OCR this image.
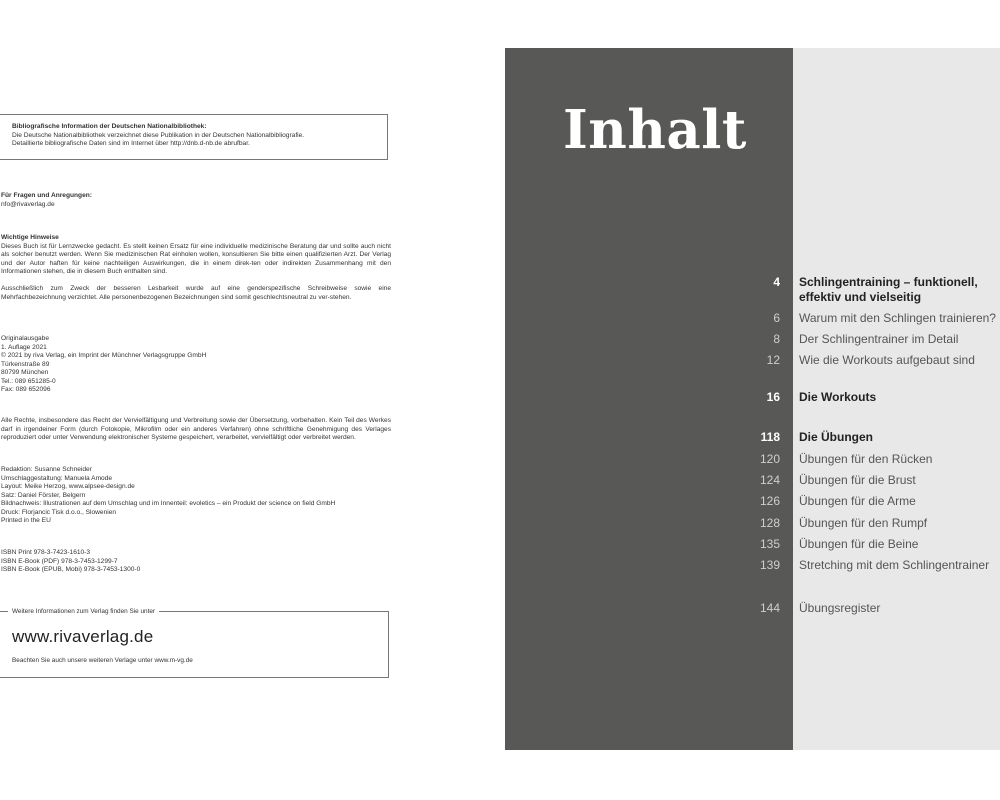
Bibliografische Information der Deutschen Nationalbibliothek:

Die Deutsche Nationalbibliothek verzeichnet diese Publikation in der Deutschen Nationalbibliografie.

Detaillierte bibliografische Daten sind im Internet über http://dnb.d-nb.de abrufbar.

Für Fragen und Anregungen:

nfo@rivaverlag.de

Wichtige Hinweise

Dieses Buch ist für Lernzwecke gedacht. Es stellt keinen Ersatz für eine individuelle medizinische Beratung dar und sollte auch nicht als solcher benutzt werden. Wenn Sie medizinischen Rat einholen wollen, konsultieren Sie bitte einen qualifizierten Arzt. Der Verlag und der Autor haften für keine nachteiligen Auswirkungen, die in einem direk-ten oder indirekten Zusammenhang mit den Informationen stehen, die in diesem Buch enthalten sind.

Ausschließlich zum Zweck der besseren Lesbarkeit wurde auf eine genderspezifische Schreibweise sowie eine Mehrfachbezeichnung verzichtet. Alle personenbezogenen Bezeichnungen sind somit geschlechtsneutral zu ver-stehen.

Originalausgabe

1. Auflage 2021

© 2021 by riva Verlag, ein Imprint der Münchner Verlagsgruppe GmbH

Türkenstraße 89

80799 München

Tel.: 089 651285-0

Fax: 089 652096

Alle Rechte, insbesondere das Recht der Vervielfältigung und Verbreitung sowie der Übersetzung, vorbehalten. Kein Teil des Werkes darf in irgendeiner Form (durch Fotokopie, Mikrofilm oder ein anderes Verfahren) ohne schriftliche Genehmigung des Verlages reproduziert oder unter Verwendung elektronischer Systeme gespeichert, verarbeitet, vervielfältigt oder verbreitet werden.

Redaktion: Susanne Schneider

Umschlaggestaltung: Manuela Amode

Layout: Meike Herzog, www.alpsee-design.de

Satz: Daniel Förster, Belgern

Bildnachweis: Illustrationen auf dem Umschlag und im Innenteil: evoletics – ein Produkt der science on field GmbH

Druck: Florjancic Tisk d.o.o., Slowenien

Printed in the EU

ISBN Print 978-3-7423-1610-3

ISBN E-Book (PDF) 978-3-7453-1299-7

ISBN E-Book (EPUB, Mobi) 978-3-7453-1300-0

Weitere Informationen zum Verlag finden Sie unter
www.rivaverlag.de
Beachten Sie auch unsere weiteren Verlage unter www.m-vg.de
Inhalt
4 Schlingentraining – funktionell, effektiv und vielseitig
6 Warum mit den Schlingen trainieren?
8 Der Schlingentrainer im Detail
12 Wie die Workouts aufgebaut sind
16 Die Workouts
118 Die Übungen
120 Übungen für den Rücken
124 Übungen für die Brust
126 Übungen für die Arme
128 Übungen für den Rumpf
135 Übungen für die Beine
139 Stretching mit dem Schlingentrainer
144 Übungsregister
